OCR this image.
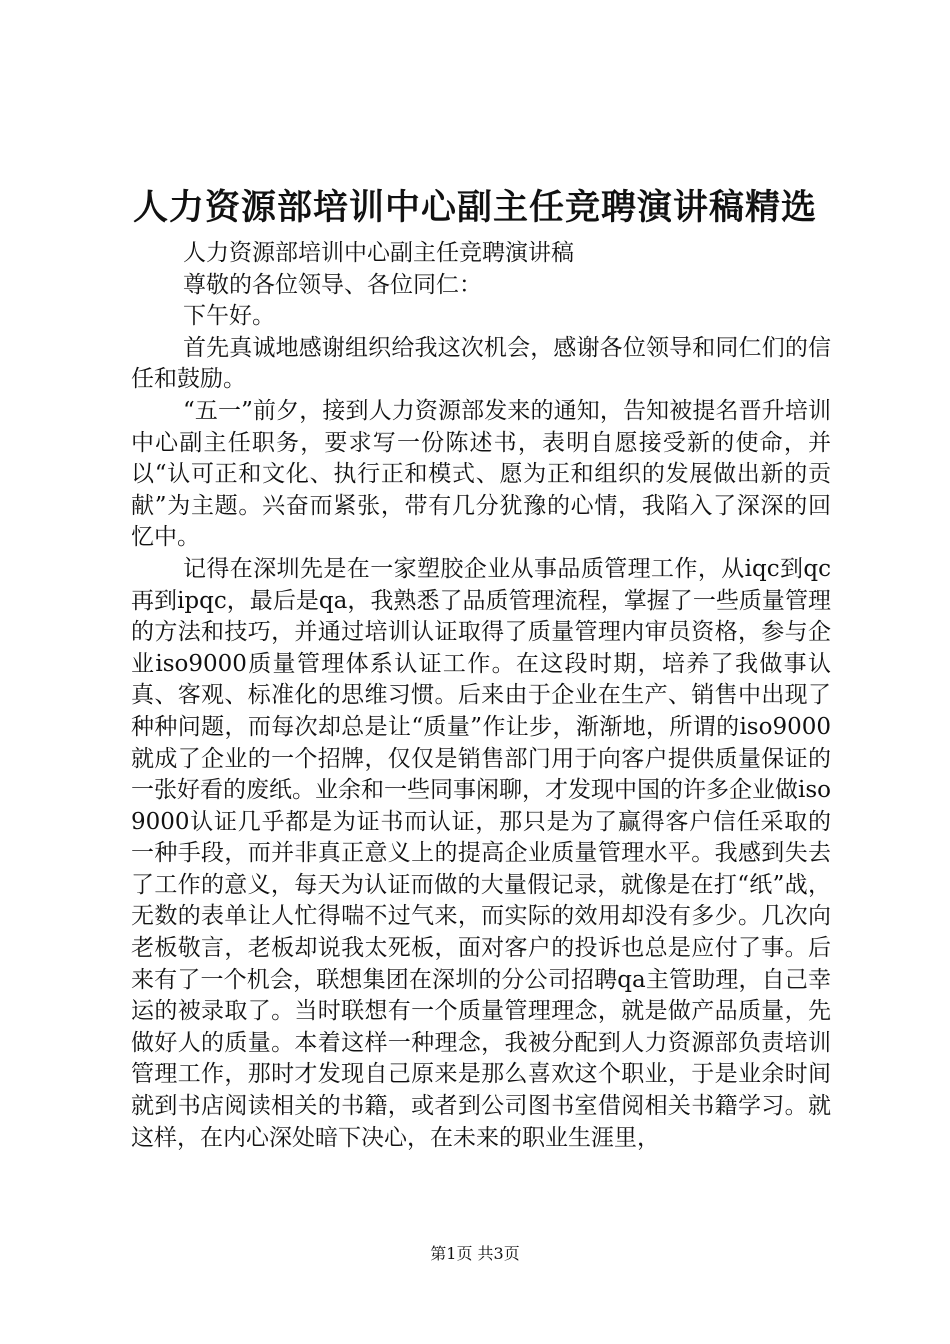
人力资源部培训中心副主任竞聘演讲稿精选

人力资源部培训中心副主任竞聘演讲稿

尊敬的各位领导、各位同仁：

下午好。

首先真诚地感谢组织给我这次机会，感谢各位领导和同仁们的信任和鼓励。

“五一”前夕，接到人力资源部发来的通知，告知被提名晋升培训中心副主任职务，要求写一份陈述书，表明自愿接受新的使命，并以“认可正和文化、执行正和模式、愿为正和组织的发展做出新的贡献”为主题。兴奋而紧张，带有几分犹豫的心情，我陷入了深深的回忆中。

记得在深圳先是在一家塑胶企业从事品质管理工作，从iqc到qc再到ipqc，最后是qa，我熟悉了品质管理流程，掌握了一些质量管理的方法和技巧，并通过培训认证取得了质量管理内审员资格，参与企业iso9000质量管理体系认证工作。在这段时期，培养了我做事认真、客观、标准化的思维习惯。后来由于企业在生产、销售中出现了种种问题，而每次却总是让“质量”作让步，渐渐地，所谓的iso9000就成了企业的一个招牌，仅仅是销售部门用于向客户提供质量保证的一张好看的废纸。业余和一些同事闲聊，才发现中国的许多企业做iso9000认证几乎都是为证书而认证，那只是为了赢得客户信任采取的一种手段，而并非真正意义上的提高企业质量管理水平。我感到失去了工作的意义，每天为认证而做的大量假记录，就像是在打“纸”战，无数的表单让人忙得喘不过气来，而实际的效用却没有多少。几次向老板敬言，老板却说我太死板，面对客户的投诉也总是应付了事。后来有了一个机会，联想集团在深圳的分公司招聘qa主管助理，自己幸运的被录取了。当时联想有一个质量管理理念，就是做产品质量，先做好人的质量。本着这样一种理念，我被分配到人力资源部负责培训管理工作，那时才发现自己原来是那么喜欢这个职业，于是业余时间就到书店阅读相关的书籍，或者到公司图书室借阅相关书籍学习。就这样，在内心深处暗下决心，在未来的职业生涯里，

第1页 共3页
